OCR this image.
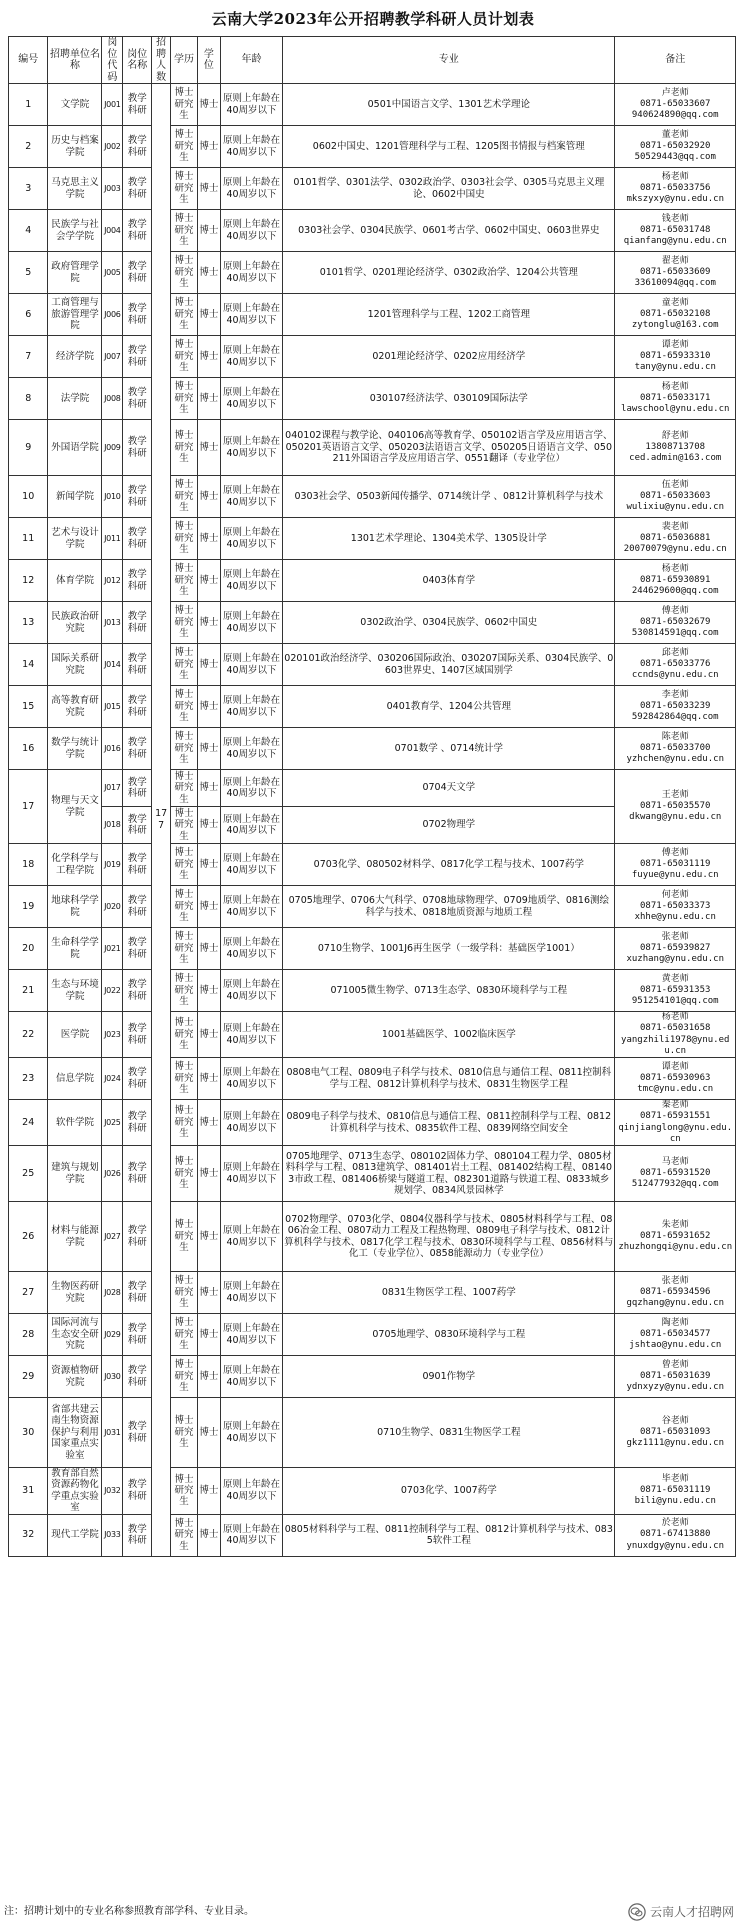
云南大学2023年公开招聘教学科研人员计划表
编号	招聘单位名称	岗位代码	岗位名称	招聘人数	学历	学位	年龄	专业	备注
1	文学院	J001	教学科研	177	博士研究生	博士	原则上年龄在40周岁以下	0501中国语言文学、1301艺术学理论	卢老师
0871-65033607
940624890@qq.com

2	历史与档案学院	J002	教学科研		博士研究生	博士	原则上年龄在40周岁以下	0602中国史、1201管理科学与工程、1205图书情报与档案管理	董老师
0871-65032920
50529443@qq.com

3	马克思主义学院	J003	教学科研		博士研究生	博士	原则上年龄在40周岁以下	0101哲学、0301法学、0302政治学、0303社会学、0305马克思主义理论、0602中国史	杨老师
0871-65033756
mkszyxy@ynu.edu.cn

4	民族学与社会学学院	J004	教学科研		博士研究生	博士	原则上年龄在40周岁以下	0303社会学、0304民族学、0601考古学、0602中国史、0603世界史	钱老师
0871-65031748
qianfang@ynu.edu.cn

5	政府管理学院	J005	教学科研		博士研究生	博士	原则上年龄在40周岁以下	0101哲学、0201理论经济学、0302政治学、1204公共管理	翟老师
0871-65033609
33610094@qq.com

6	工商管理与旅游管理学院	J006	教学科研		博士研究生	博士	原则上年龄在40周岁以下	1201管理科学与工程、1202工商管理	童老师
0871-65032108
zytonglu@163.com

7	经济学院	J007	教学科研		博士研究生	博士	原则上年龄在40周岁以下	0201理论经济学、0202应用经济学	谭老师
0871-65933310
tany@ynu.edu.cn

8	法学院	J008	教学科研		博士研究生	博士	原则上年龄在40周岁以下	030107经济法学、030109国际法学	杨老师
0871-65033171
lawschool@ynu.edu.cn

9	外国语学院	J009	教学科研		博士研究生	博士	原则上年龄在40周岁以下	040102课程与教学论、040106高等教育学、050102语言学及应用语言学、050201英语语言文学、050203法语语言文学、050205日语语言文学、050211外国语言学及应用语言学、0551翻译（专业学位）	舒老师
13808713708
ced.admin@163.com

10	新闻学院	J010	教学科研		博士研究生	博士	原则上年龄在40周岁以下	0303社会学、0503新闻传播学、0714统计学 、0812计算机科学与技术	伍老师
0871-65033603
wulixiu@ynu.edu.cn

11	艺术与设计学院	J011	教学科研		博士研究生	博士	原则上年龄在40周岁以下	1301艺术学理论、1304美术学、1305设计学	裴老师
0871-65036881
20070079@ynu.edu.cn

12	体育学院	J012	教学科研		博士研究生	博士	原则上年龄在40周岁以下	0403体育学	杨老师
0871-65930891
244629600@qq.com

13	民族政治研究院	J013	教学科研		博士研究生	博士	原则上年龄在40周岁以下	0302政治学、0304民族学、0602中国史	傅老师
0871-65032679
530814591@qq.com

14	国际关系研究院	J014	教学科研		博士研究生	博士	原则上年龄在40周岁以下	020101政治经济学、030206国际政治、030207国际关系、0304民族学、0603世界史、1407区域国别学	邱老师
0871-65033776
ccnds@ynu.edu.cn

15	高等教育研究院	J015	教学科研		博士研究生	博士	原则上年龄在40周岁以下	0401教育学、1204公共管理	李老师
0871-65033239
592842864@qq.com

16	数学与统计学院	J016	教学科研		博士研究生	博士	原则上年龄在40周岁以下	0701数学 、0714统计学	陈老师
0871-65033700
yzhchen@ynu.edu.cn

17	物理与天文学院	J017	教学科研		博士研究生	博士	原则上年龄在40周岁以下	0704天文学	王老师
0871-65035570
dkwang@ynu.edu.cn

		J018	教学科研		博士研究生	博士	原则上年龄在40周岁以下	0702物理学	
18	化学科学与工程学院	J019	教学科研		博士研究生	博士	原则上年龄在40周岁以下	0703化学、080502材料学、0817化学工程与技术、1007药学	傅老师
0871-65031119
fuyue@ynu.edu.cn

19	地球科学学院	J020	教学科研		博士研究生	博士	原则上年龄在40周岁以下	0705地理学、0706大气科学、0708地球物理学、0709地质学、0816测绘科学与技术、0818地质资源与地质工程	何老师
0871-65033373
xhhe@ynu.edu.cn

20	生命科学学院	J021	教学科研		博士研究生	博士	原则上年龄在40周岁以下	0710生物学、1001J6再生医学（一级学科：基础医学1001）	张老师
0871-65939827
xuzhang@ynu.edu.cn

21	生态与环境学院	J022	教学科研		博士研究生	博士	原则上年龄在40周岁以下	071005微生物学、0713生态学、0830环境科学与工程	黄老师
0871-65931353
951254101@qq.com

22	医学院	J023	教学科研		博士研究生	博士	原则上年龄在40周岁以下	1001基础医学、1002临床医学	杨老师
0871-65031658
yangzhili1978@ynu.edu.cn

23	信息学院	J024	教学科研		博士研究生	博士	原则上年龄在40周岁以下	0808电气工程、0809电子科学与技术、0810信息与通信工程、0811控制科学与工程、0812计算机科学与技术、0831生物医学工程	谭老师
0871-65930963
tmc@ynu.edu.cn

24	软件学院	J025	教学科研		博士研究生	博士	原则上年龄在40周岁以下	0809电子科学与技术、0810信息与通信工程、0811控制科学与工程、0812计算机科学与技术、0835软件工程、0839网络空间安全	秦老师
0871-65931551
qinjianglong@ynu.edu.cn

25	建筑与规划学院	J026	教学科研		博士研究生	博士	原则上年龄在40周岁以下	0705地理学、0713生态学、080102固体力学、080104工程力学、0805材料科学与工程、0813建筑学、081401岩土工程、081402结构工程、081403市政工程、081406桥梁与隧道工程、082301道路与铁道工程、0833城乡规划学、0834风景园林学	马老师
0871-65931520
512477932@qq.com

26	材料与能源学院	J027	教学科研		博士研究生	博士	原则上年龄在40周岁以下	0702物理学、0703化学、0804仪器科学与技术、0805材料科学与工程、0806冶金工程、0807动力工程及工程热物理、0809电子科学与技术、0812计算机科学与技术、0817化学工程与技术、0830环境科学与工程、0856材料与化工（专业学位）、0858能源动力（专业学位）	朱老师
0871-65931652
zhuzhongqi@ynu.edu.cn

27	生物医药研究院	J028	教学科研		博士研究生	博士	原则上年龄在40周岁以下	0831生物医学工程、1007药学	张老师
0871-65934596
gqzhang@ynu.edu.cn

28	国际河流与生态安全研究院	J029	教学科研		博士研究生	博士	原则上年龄在40周岁以下	0705地理学、0830环境科学与工程	陶老师
0871-65034577
jshtao@ynu.edu.cn

29	资源植物研究院	J030	教学科研		博士研究生	博士	原则上年龄在40周岁以下	0901作物学	曾老师
0871-65031639
ydnxyzy@ynu.edu.cn

30	省部共建云南生物资源保护与利用国家重点实验室	J031	教学科研		博士研究生	博士	原则上年龄在40周岁以下	0710生物学、0831生物医学工程	谷老师
0871-65031093
gkz1111@ynu.edu.cn

31	教育部自然资源药物化学重点实验室	J032	教学科研		博士研究生	博士	原则上年龄在40周岁以下	0703化学、1007药学	毕老师
0871-65031119
bili@ynu.edu.cn

32	现代工学院	J033	教学科研		博士研究生	博士	原则上年龄在40周岁以下	0805材料科学与工程、0811控制科学与工程、0812计算机科学与技术、0835软件工程	於老师
0871-67413880
ynuxdgy@ynu.edu.cn
注：招聘计划中的专业名称参照教育部学科、专业目录。	云南人才招聘网
